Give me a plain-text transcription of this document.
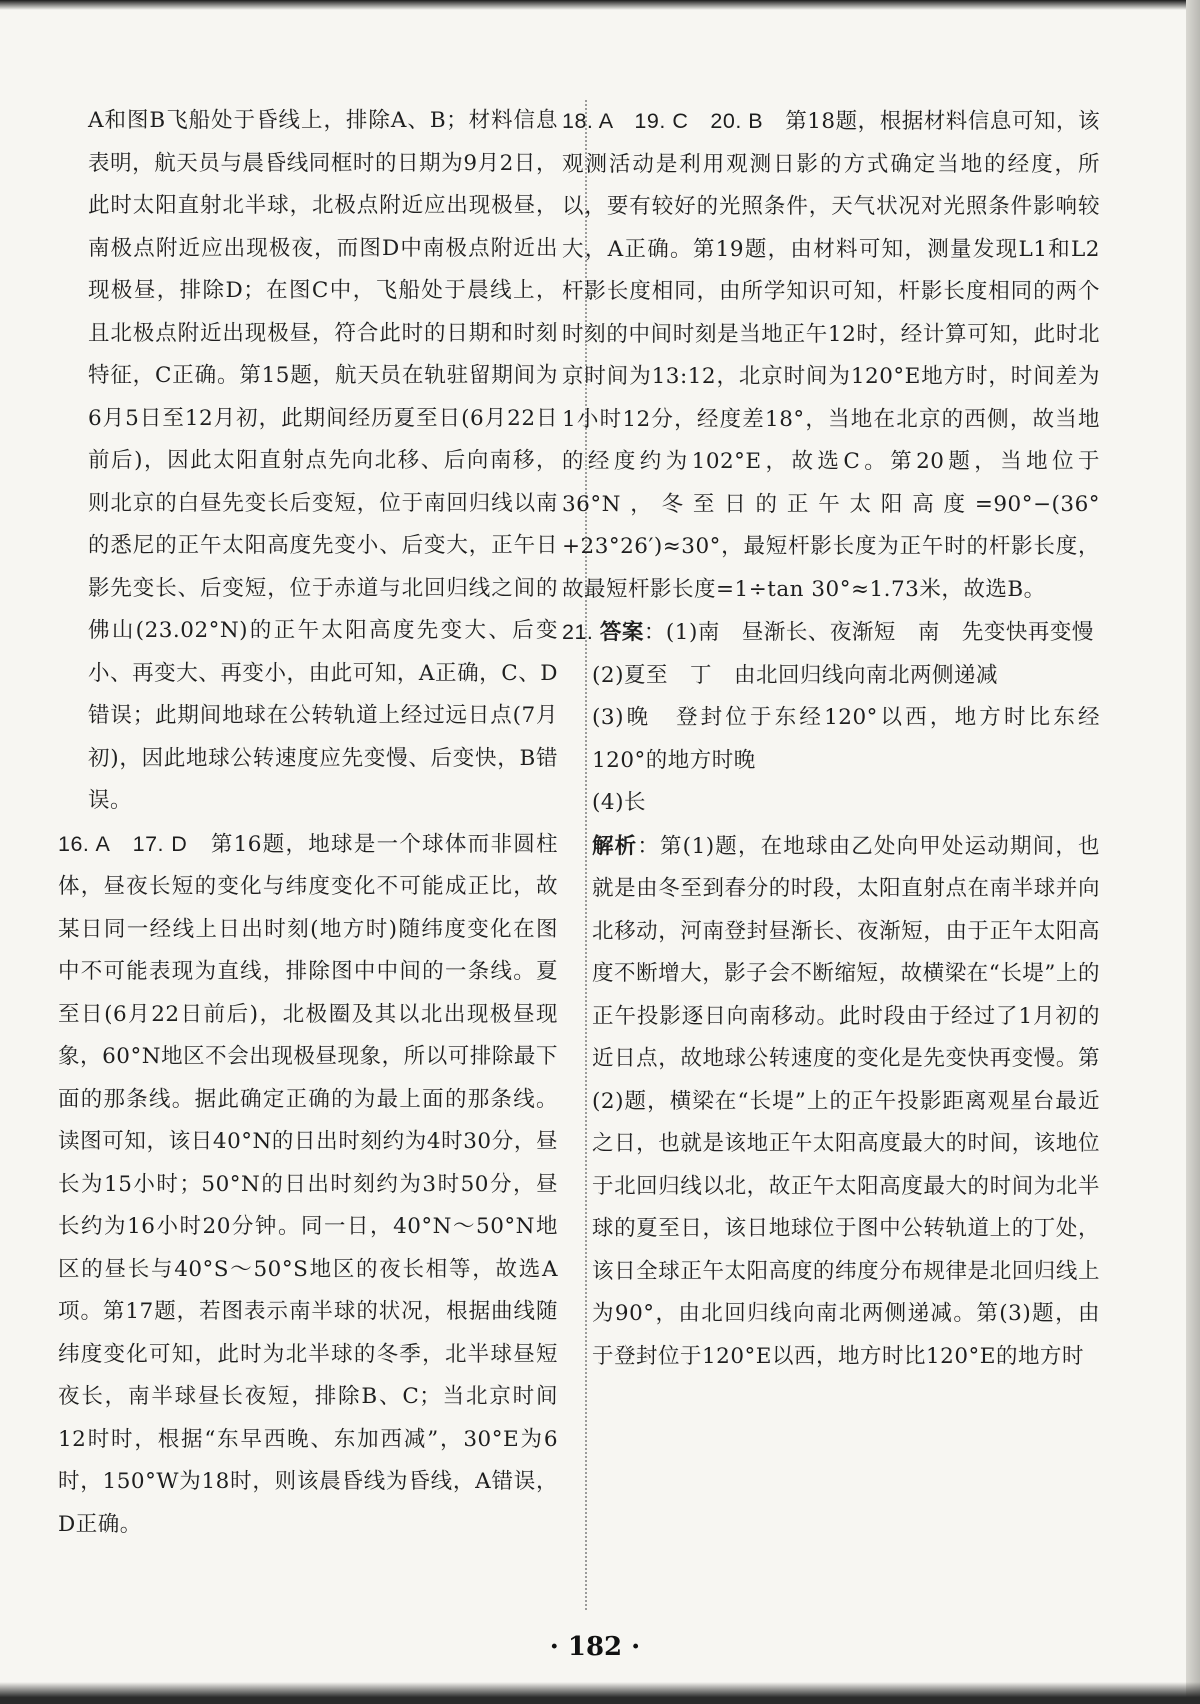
A和图B飞船处于昏线上，排除A、B；材料信息表明，航天员与晨昏线同框时的日期为9月2日，此时太阳直射北半球，北极点附近应出现极昼，南极点附近应出现极夜，而图D中南极点附近出现极昼，排除D；在图C中，飞船处于晨线上，且北极点附近出现极昼，符合此时的日期和时刻特征，C正确。第15题，航天员在轨驻留期间为6月5日至12月初，此期间经历夏至日(6月22日前后)，因此太阳直射点先向北移、后向南移，则北京的白昼先变长后变短，位于南回归线以南的悉尼的正午太阳高度先变小、后变大，正午日影先变长、后变短，位于赤道与北回归线之间的佛山(23.02°N)的正午太阳高度先变大、后变小、再变大、再变小，由此可知，A正确，C、D错误；此期间地球在公转轨道上经过远日点(7月初)，因此地球公转速度应先变慢、后变快，B错误。

16. A　17. D　第16题，地球是一个球体而非圆柱体，昼夜长短的变化与纬度变化不可能成正比，故某日同一经线上日出时刻(地方时)随纬度变化在图中不可能表现为直线，排除图中中间的一条线。夏至日(6月22日前后)，北极圈及其以北出现极昼现象，60°N地区不会出现极昼现象，所以可排除最下面的那条线。据此确定正确的为最上面的那条线。读图可知，该日40°N的日出时刻约为4时30分，昼长为15小时；50°N的日出时刻约为3时50分，昼长约为16小时20分钟。同一日，40°N～50°N地区的昼长与40°S～50°S地区的夜长相等，故选A项。第17题，若图表示南半球的状况，根据曲线随纬度变化可知，此时为北半球的冬季，北半球昼短夜长，南半球昼长夜短，排除B、C；当北京时间12时时，根据“东早西晚、东加西减”，30°E为6时，150°W为18时，则该晨昏线为昏线，A错误，D正确。

18. A　19. C　20. B　第18题，根据材料信息可知，该观测活动是利用观测日影的方式确定当地的经度，所以，要有较好的光照条件，天气状况对光照条件影响较大，A正确。第19题，由材料可知，测量发现L1和L2杆影长度相同，由所学知识可知，杆影长度相同的两个时刻的中间时刻是当地正午12时，经计算可知，此时北京时间为13:12，北京时间为120°E地方时，时间差为1小时12分，经度差18°，当地在北京的西侧，故当地的经度约为102°E，故选C。第20题，当地位于36°N，冬至日的正午太阳高度=90°−(36°+23°26′)≈30°，最短杆影长度为正午时的杆影长度，故最短杆影长度=1÷tan 30°≈1.73米，故选B。

21. 答案：(1)南　昼渐长、夜渐短　南　先变快再变慢

(2)夏至　丁　由北回归线向南北两侧递减

(3)晚　登封位于东经120°以西，地方时比东经120°的地方时晚

(4)长

解析：第(1)题，在地球由乙处向甲处运动期间，也就是由冬至到春分的时段，太阳直射点在南半球并向北移动，河南登封昼渐长、夜渐短，由于正午太阳高度不断增大，影子会不断缩短，故横梁在“长堤”上的正午投影逐日向南移动。此时段由于经过了1月初的近日点，故地球公转速度的变化是先变快再变慢。第(2)题，横梁在“长堤”上的正午投影距离观星台最近之日，也就是该地正午太阳高度最大的时间，该地位于北回归线以北，故正午太阳高度最大的时间为北半球的夏至日，该日地球位于图中公转轨道上的丁处，该日全球正午太阳高度的纬度分布规律是北回归线上为90°，由北回归线向南北两侧递减。第(3)题，由于登封位于120°E以西，地方时比120°E的地方时

· 182 ·
